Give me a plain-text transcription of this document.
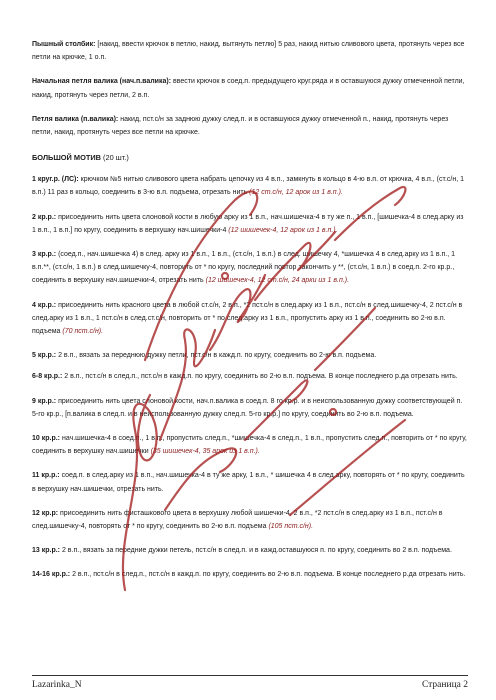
Пышный столбик: [накид, ввести крючок в петлю, накид, вытянуть петлю] 5 раз, накид нитью сливового цвета, протянуть через все петли на крючке, 1 о.п.

Начальная петля валика (нач.п.валика): ввести крючок в соед.п. предыдущего круг.ряда и в оставшуюся дужку отмеченной петли, накид, протянуть через петли, 2 в.п.

Петля валика (п.валика): накид, пст.с/н за заднюю дужку след.п. и в оставшуюся дужку отмеченной п., накид, протянуть через петли, накид, протянуть через все петли на крючке.

БОЛЬШОЙ МОТИВ (20 шт.)

1 круг.р. (ЛС): крючком №5 нитью сливового цвета набрать цепочку из 4 в.п., замкнуть в кольцо в 4-ю в.п. от крючка, 4 в.п., (ст.с/н, 1 в.п.) 11 раз в кольцо, соединить в 3-ю в.п. подъема, отрезать нить (12 ст.с/н, 12 арок из 1 в.п.).

2 кр.р.: присоединить нить цвета слоновой кости в любую арку из 1 в.п., нач.шишечка-4 в ту же п., 1 в.п., [шишечка-4 в след.арку из 1 в.п., 1 в.п.] по кругу, соединить в верхушку нач.шишечки-4 (12 шишечек-4, 12 арок из 1 в.п.).

3 кр.р.: (соед.п., нач.шишечка 4) в след. арку из 1 в.п., 1 в.п., (ст.с/н, 1 в.п.) в след. шишечку 4, *шишечка 4 в след.арку из 1 в.п., 1 в.п.**, (ст.с/н, 1 в.п.) в след.шишечку-4, повторить от * по кругу, последний повтор закончить у **, (ст.с/н, 1 в.п.) в соед.п. 2-го кр.р., соединить в верхушку нач.шишечки-4, отрезать нить (12 шишечек-4, 12 ст.с/н, 24 арки из 1 в.п.).

4 кр.р.: присоединить нить красного цвета в любой ст.с/н, 2 в.п., *2 пст.с/н в след.арку из 1 в.п., пст.с/н в след.шишечку-4, 2 пст.с/н в след.арку из 1 в.п., 1 пст.с/н в след.ст.с/н, повторить от * по след.арку из 1 в.п., пропустить арку из 1 в.п., соединить во 2-ю в.п. подъема (70 пст.с/н).

5 кр.р.: 2 в.п., вязать за переднюю дужку петли, пст.с/н в кажд.п. по кругу, соединить во 2-ю в.п. подъема.

6-8 кр.р.: 2 в.п., пст.с/н в след.п., пст.с/н в кажд.п. по кругу, соединить во 2-ю в.п. подъема. В конце последнего р.да отрезать нить.

9 кр.р.: присоединить нить цвета слоновой кости, нач.п.валика в соед.п. 8 го кр.р. и в неиспользованную дужку соответствующей п. 5-го кр.р., [п.валика в след.п. и в неиспользованную дужку след.п. 5-го кр.р.] по кругу, соединить во 2-ю в.п. подъема.

10 кр.р.: нач.шишечка-4 в соед.п., 1 в.п., пропустить след.п., *шишечка-4 в след.п., 1 в.п., пропустить след.п., повторить от * по кругу, соединить в верхушку нач.шишечки (35 шишечек-4, 35 арок из 1 в.п.).

11 кр.р.: соед.п. в след.арку из 1 в.п., нач.шишечка-4 в ту же арку, 1 в.п., * шишечка 4 в след.арку, повторять от * по кругу, соединить в верхушку нач.шишечки, отрезать нить.

12 кр.р: присоединить нить фисташкового цвета в верхушку любой шишечки-4, 2 в.п., *2 пст.с/н в след.арку из 1 в.п., пст.с/н в след.шишечку-4, повторять от * по кругу, соединить во 2-ю в.п. подъема (105 пст.с/н).

13 кр.р.: 2 в.п., вязать за передние дужки петель, пст.с/н в след.п. и в кажд.оставшуюся п. по кругу, соединить во 2 в.п. подъема.

14-16 кр.р.: 2 в.п., пст.с/н в след.п., пст.с/н в кажд.п. по кругу, соединить во 2-ю в.п. подъема. В конце последнего р.да отрезать нить.

Lazarinka_N	Страница 2
